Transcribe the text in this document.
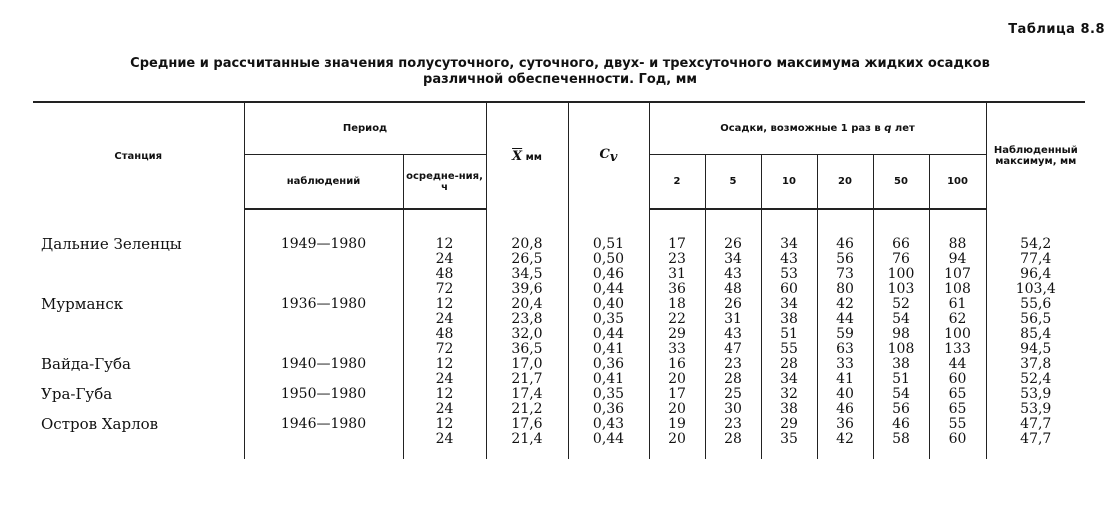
Таблица 8.8
Средние и рассчитанные значения полусуточного, суточного, двух- и трехсуточного максимума жидких осадков
различной обеспеченности. Год, мм
Станция	Период		$\overline{X}$ мм	$C_v$	Осадки, возможные 1 раз в q лет						Наблюденный максимум, мм
	наблюдений	осредне-ния, ч			2	5	10	20	50	100	

Дальние Зеленцы	1949—1980	12	20,8	0,51	17	26	34	46	66	88	54,2
		24	26,5	0,50	23	34	43	56	76	94	77,4
		48	34,5	0,46	31	43	53	73	100	107	96,4
		72	39,6	0,44	36	48	60	80	103	108	103,4
Мурманск	1936—1980	12	20,4	0,40	18	26	34	42	52	61	55,6
		24	23,8	0,35	22	31	38	44	54	62	56,5
		48	32,0	0,44	29	43	51	59	98	100	85,4
		72	36,5	0,41	33	47	55	63	108	133	94,5
Вайда-Губа	1940—1980	12	17,0	0,36	16	23	28	33	38	44	37,8
		24	21,7	0,41	20	28	34	41	51	60	52,4
Ура-Губа	1950—1980	12	17,4	0,35	17	25	32	40	54	65	53,9
		24	21,2	0,36	20	30	38	46	56	65	53,9
Остров Харлов	1946—1980	12	17,6	0,43	19	23	29	36	46	55	47,7
		24	21,4	0,44	20	28	35	42	58	60	47,7
